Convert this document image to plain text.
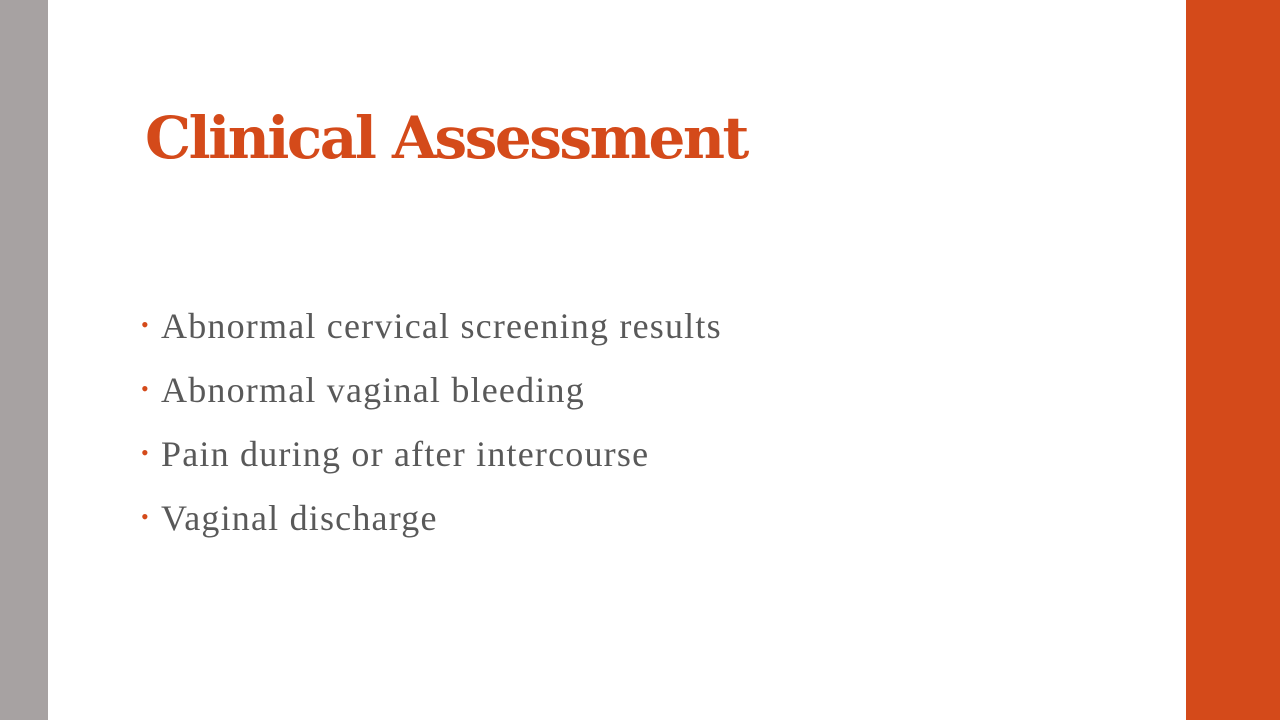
Clinical Assessment
• Abnormal cervical screening results
• Abnormal vaginal bleeding
• Pain during or after intercourse
• Vaginal discharge
